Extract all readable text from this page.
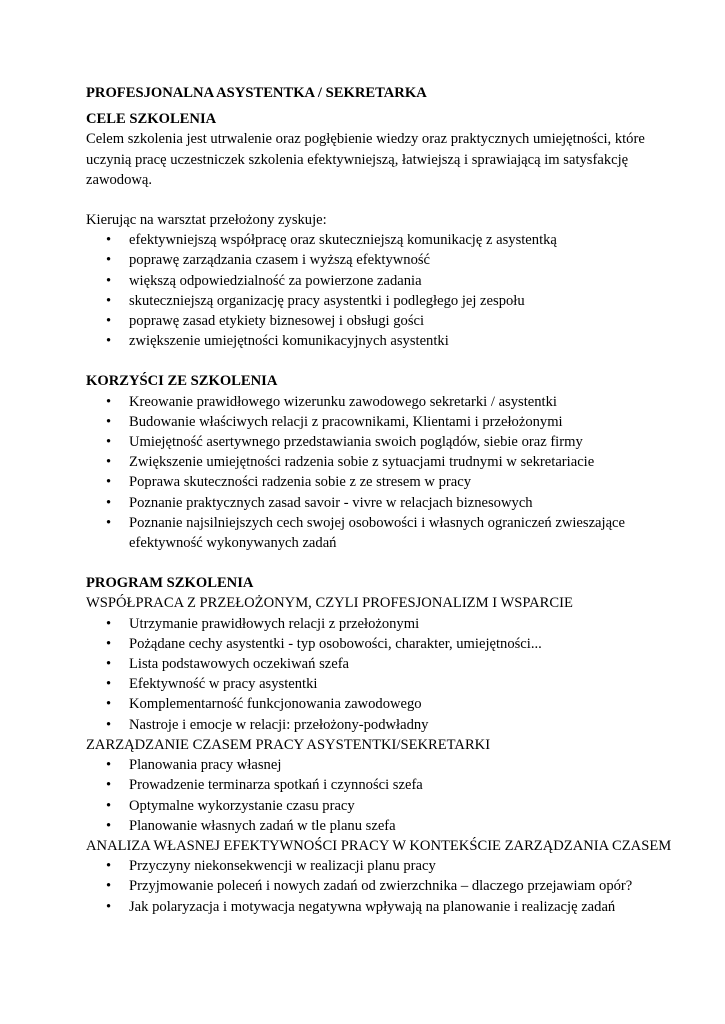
PROFESJONALNA ASYSTENTKA / SEKRETARKA

CELE SZKOLENIA

Celem szkolenia jest utrwalenie oraz pogłębienie wiedzy oraz praktycznych umiejętności, które uczynią pracę uczestniczek szkolenia efektywniejszą, łatwiejszą i sprawiającą im satysfakcję zawodową.

Kierując na warsztat przełożony zyskuje:

• efektywniejszą współpracę oraz skuteczniejszą komunikację z asystentką
• poprawę zarządzania czasem i wyższą efektywność
• większą odpowiedzialność za powierzone zadania
• skuteczniejszą organizację pracy asystentki i podległego jej zespołu
• poprawę zasad etykiety biznesowej i obsługi gości
• zwiększenie umiejętności komunikacyjnych asystentki

KORZYŚCI ZE SZKOLENIA

• Kreowanie prawidłowego wizerunku zawodowego sekretarki / asystentki
• Budowanie właściwych relacji z pracownikami, Klientami i przełożonymi
• Umiejętność asertywnego przedstawiania swoich poglądów, siebie oraz firmy
• Zwiększenie umiejętności radzenia sobie z sytuacjami trudnymi w sekretariacie
• Poprawa skuteczności radzenia sobie z ze stresem w pracy
• Poznanie praktycznych zasad savoir - vivre w relacjach biznesowych
• Poznanie najsilniejszych cech swojej osobowości i własnych ograniczeń zwieszające efektywność wykonywanych zadań

PROGRAM SZKOLENIA

WSPÓŁPRACA Z PRZEŁOŻONYM, CZYLI PROFESJONALIZM I WSPARCIE

• Utrzymanie prawidłowych relacji z przełożonymi
• Pożądane cechy asystentki - typ osobowości, charakter, umiejętności...
• Lista podstawowych oczekiwań szefa
• Efektywność w pracy asystentki
• Komplementarność funkcjonowania zawodowego
• Nastroje i emocje w relacji: przełożony-podwładny

ZARZĄDZANIE CZASEM PRACY ASYSTENTKI/SEKRETARKI

• Planowania pracy własnej
• Prowadzenie terminarza spotkań i czynności szefa
• Optymalne wykorzystanie czasu pracy
• Planowanie własnych zadań w tle planu szefa

ANALIZA WŁASNEJ EFEKTYWNOŚCI PRACY W KONTEKŚCIE ZARZĄDZANIA CZASEM

• Przyczyny niekonsekwencji w realizacji planu pracy
• Przyjmowanie poleceń i nowych zadań od zwierzchnika – dlaczego przejawiam opór?
• Jak polaryzacja i motywacja negatywna wpływają na planowanie i realizację zadań
